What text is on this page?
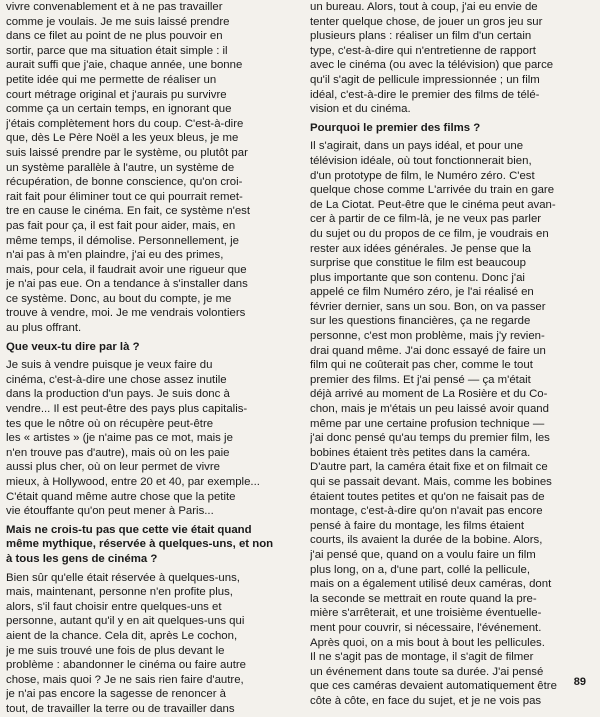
vivre convenablement et à ne pas travailler
comme je voulais. Je me suis laissé prendre
dans ce filet au point de ne plus pouvoir en
sortir, parce que ma situation était simple : il
aurait suffi que j'aie, chaque année, une bonne
petite idée qui me permette de réaliser un
court métrage original et j'aurais pu survivre
comme ça un certain temps, en ignorant que
j'étais complètement hors du coup. C'est-à-dire
que, dès Le Père Noël a les yeux bleus, je me
suis laissé prendre par le système, ou plutôt par
un système parallèle à l'autre, un système de
récupération, de bonne conscience, qu'on croi-
rait fait pour éliminer tout ce qui pourrait remet-
tre en cause le cinéma. En fait, ce système n'est
pas fait pour ça, il est fait pour aider, mais, en
même temps, il démolise. Personnellement, je
n'ai pas à m'en plaindre, j'ai eu des primes,
mais, pour cela, il faudrait avoir une rigueur que
je n'ai pas eue. On a tendance à s'installer dans
ce système. Donc, au bout du compte, je me
trouve à vendre, moi. Je me vendrais volontiers
au plus offrant.
Que veux-tu dire par là ?
Je suis à vendre puisque je veux faire du
cinéma, c'est-à-dire une chose assez inutile
dans la production d'un pays. Je suis donc à
vendre... Il est peut-être des pays plus capitalis-
tes que le nôtre où on récupère peut-être
les « artistes » (je n'aime pas ce mot, mais je
n'en trouve pas d'autre), mais où on les paie
aussi plus cher, où on leur permet de vivre
mieux, à Hollywood, entre 20 et 40, par exemple...
C'était quand même autre chose que la petite
vie étouffante qu'on peut mener à Paris...
Mais ne crois-tu pas que cette vie était quand
même mythique, réservée à quelques-uns, et non
à tous les gens de cinéma ?
Bien sûr qu'elle était réservée à quelques-uns,
mais, maintenant, personne n'en profite plus,
alors, s'il faut choisir entre quelques-uns et
personne, autant qu'il y en ait quelques-uns qui
aient de la chance. Cela dit, après Le cochon,
je me suis trouvé une fois de plus devant le
problème : abandonner le cinéma ou faire autre
chose, mais quoi ? Je ne sais rien faire d'autre,
je n'ai pas encore la sagesse de renoncer à
tout, de travailler la terre ou de travailler dans
un bureau. Alors, tout à coup, j'ai eu envie de
tenter quelque chose, de jouer un gros jeu sur
plusieurs plans : réaliser un film d'un certain
type, c'est-à-dire qui n'entretienne de rapport
avec le cinéma (ou avec la télévision) que parce
qu'il s'agit de pellicule impressionnée ; un film
idéal, c'est-à-dire le premier des films de télé-
vision et du cinéma.
Pourquoi le premier des films ?
Il s'agirait, dans un pays idéal, et pour une
télévision idéale, où tout fonctionnerait bien,
d'un prototype de film, le Numéro zéro. C'est
quelque chose comme L'arrivée du train en gare
de La Ciotat. Peut-être que le cinéma peut avan-
cer à partir de ce film-là, je ne veux pas parler
du sujet ou du propos de ce film, je voudrais en
rester aux idées générales. Je pense que la
surprise que constitue le film est beaucoup
plus importante que son contenu. Donc j'ai
appelé ce film Numéro zéro, je l'ai réalisé en
février dernier, sans un sou. Bon, on va passer
sur les questions financières, ça ne regarde
personne, c'est mon problème, mais j'y revien-
drai quand même. J'ai donc essayé de faire un
film qui ne coûterait pas cher, comme le tout
premier des films. Et j'ai pensé — ça m'était
déjà arrivé au moment de La Rosière et du Co-
chon, mais je m'étais un peu laissé avoir quand
même par une certaine profusion technique —
j'ai donc pensé qu'au temps du premier film, les
bobines étaient très petites dans la caméra.
D'autre part, la caméra était fixe et on filmait ce
qui se passait devant. Mais, comme les bobines
étaient toutes petites et qu'on ne faisait pas de
montage, c'est-à-dire qu'on n'avait pas encore
pensé à faire du montage, les films étaient
courts, ils avaient la durée de la bobine. Alors,
j'ai pensé que, quand on a voulu faire un film
plus long, on a, d'une part, collé la pellicule,
mais on a également utilisé deux caméras, dont
la seconde se mettrait en route quand la pre-
mière s'arrêterait, et une troisième éventuelle-
ment pour couvrir, si nécessaire, l'événement.
Après quoi, on a mis bout à bout les pellicules.
Il ne s'agit pas de montage, il s'agit de filmer
un événement dans toute sa durée. J'ai pensé
que ces caméras devaient automatiquement être
côte à côte, en face du sujet, et je ne vois pas
89
